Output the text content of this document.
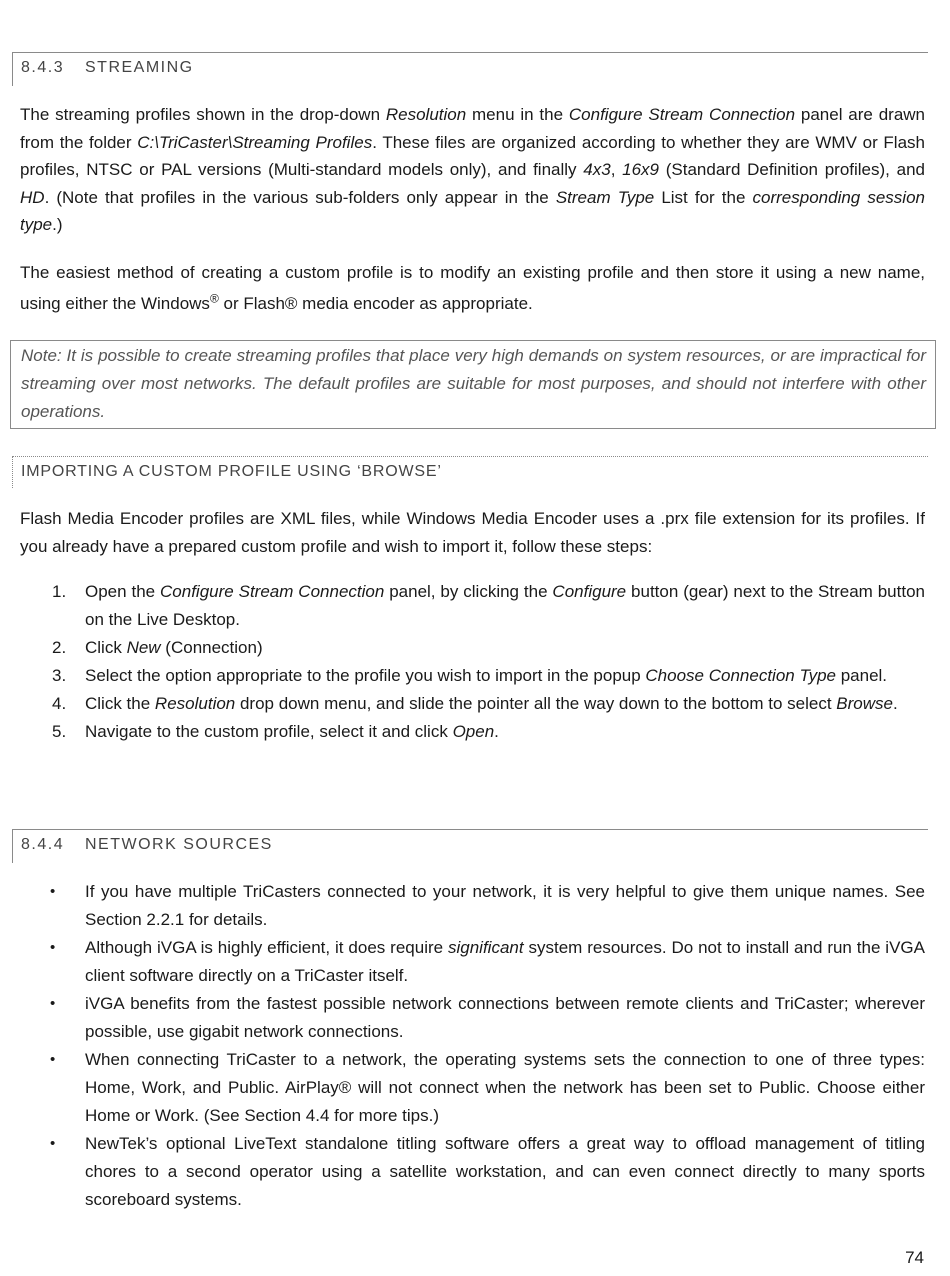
8.4.3 STREAMING

The streaming profiles shown in the drop-down Resolution menu in the Configure Stream Connection panel are drawn from the folder C:\TriCaster\Streaming Profiles. These files are organized according to whether they are WMV or Flash profiles, NTSC or PAL versions (Multi-standard models only), and finally 4x3, 16x9 (Standard Definition profiles), and HD. (Note that profiles in the various sub-folders only appear in the Stream Type List for the corresponding session type.)

The easiest method of creating a custom profile is to modify an existing profile and then store it using a new name, using either the Windows® or Flash® media encoder as appropriate.

Note: It is possible to create streaming profiles that place very high demands on system resources, or are impractical for streaming over most networks. The default profiles are suitable for most purposes, and should not interfere with other operations.
IMPORTING A CUSTOM PROFILE USING ‘BROWSE’

Flash Media Encoder profiles are XML files, while Windows Media Encoder uses a .prx file extension for its profiles. If you already have a prepared custom profile and wish to import it, follow these steps:

1. Open the Configure Stream Connection panel, by clicking the Configure button (gear) next to the Stream button on the Live Desktop.
2. Click New (Connection)
3. Select the option appropriate to the profile you wish to import in the popup Choose Connection Type panel.
4. Click the Resolution drop down menu, and slide the pointer all the way down to the bottom to select Browse.
5. Navigate to the custom profile, select it and click Open.
8.4.4 NETWORK SOURCES
• If you have multiple TriCasters connected to your network, it is very helpful to give them unique names. See Section 2.2.1 for details.
• Although iVGA is highly efficient, it does require significant system resources. Do not to install and run the iVGA client software directly on a TriCaster itself.
• iVGA benefits from the fastest possible network connections between remote clients and TriCaster; wherever possible, use gigabit network connections.
• When connecting TriCaster to a network, the operating systems sets the connection to one of three types: Home, Work, and Public. AirPlay® will not connect when the network has been set to Public. Choose either Home or Work. (See Section 4.4 for more tips.)
• NewTek’s optional LiveText standalone titling software offers a great way to offload management of titling chores to a second operator using a satellite workstation, and can even connect directly to many sports scoreboard systems.
74
